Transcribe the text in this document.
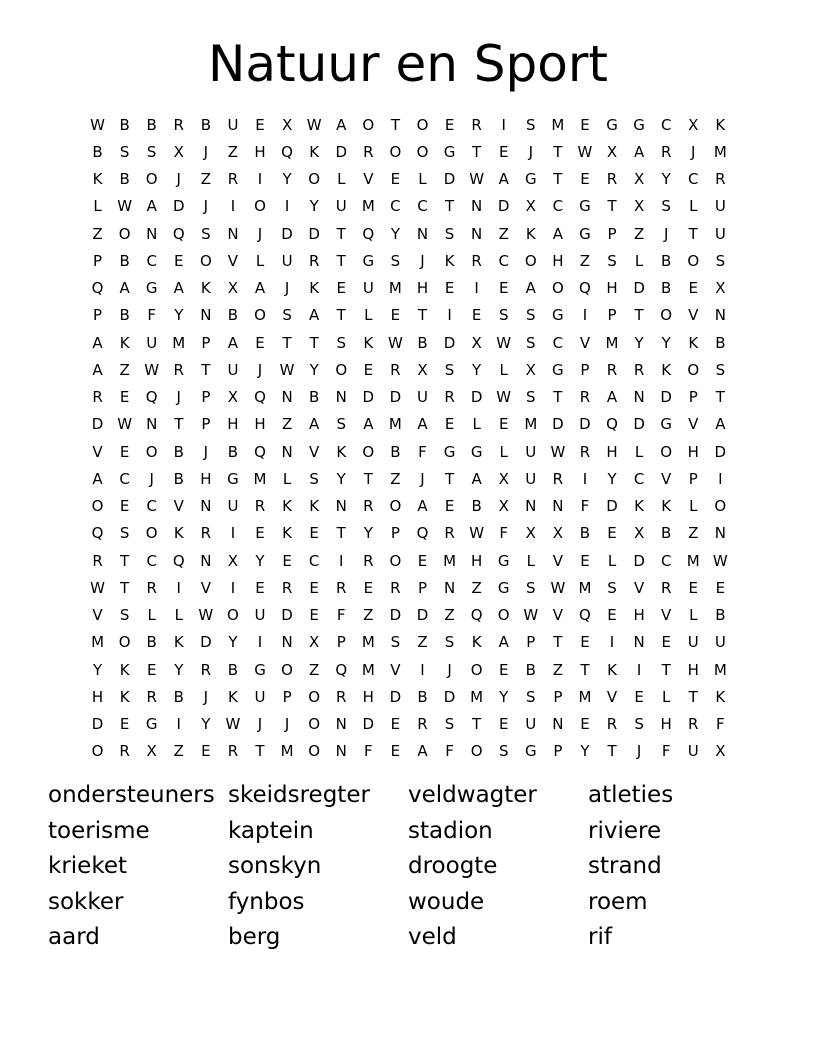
Natuur en Sport
W B	B	R	B	U	E	X W A	O	T	O	E	R	I	S	M	E	G	G	C	X	K
B	S	S	X	J	Z	H	Q	K	D	R	O	O	G	T	E	J	T	W X	A	R	J	M
K	B	O	J	Z	R	I	Y	O	L	V	E	L	D W A	G	T	E	R	X	Y	C	R
L	W A	D	J	I	O	I	Y	U	M	C	C	T	N	D	X	C	G	T	X	S	L	U
Z	O	N	Q	S	N	J	D	D	T	Q	Y	N	S	N	Z	K	A	G	P	Z	J	T	U
P	B	C	E	O	V	L	U	R	T	G	S	J	K	R	C	O	H	Z	S	L	B	O	S
Q	A	G	A	K	X	A	J	K	E	U	M H	E	I	E	A	O	Q	H	D	B	E	X
P	B	F	Y	N	B	O	S	A	T	L	E	T	I	E	S	S	G	I	P	T	O	V	N
A	K	U	M	P	A	E	T	T	S	K W B	D	X W S	C	V	M	Y	Y	K	B
A	Z W R	T	U	J	W	Y	O	E	R	X	S	Y	L	X	G	P	R	R	K	O	S
R	E	Q	J	P	X	Q	N	B	N	D	D	U	R	D W S	T	R	A	N	D	P	T
D W N	T	P	H	H	Z	A	S	A	M	A	E	L	E	M D	D	Q	D	G	V	A
V	E	O	B	J	B	Q	N	V	K	O	B	F	G	G	L	U W R	H	L	O	H	D
A	C	J	B	H	G M	L	S	Y	T	Z	J	T	A	X	U	R	I	Y	C	V	P	I
O	E	C	V	N	U	R	K	K	N	R	O	A	E	B	X	N	N	F	D	K	K	L	O
Q	S	O	K	R	I	E	K	E	T	Y	P	Q	R W	F	X	X	B	E	X	B	Z	N
R	T	C	Q	N	X	Y	E	C	I	R	O	E	M H	G	L	V	E	L	D	C	M W
W	T	R	I	V	I	E	R	E	R	E	R	P	N	Z	G	S W M	S	V	R	E	E
V	S	L	L	W O	U	D	E	F	Z	D	D	Z	Q	O W V	Q	E	H	V	L	B
M O	B	K	D	Y	I	N	X	P	M	S	Z	S	K	A	P	T	E	I	N	E	U	U
Y	K	E	Y	R	B	G	O	Z	Q M	V	I	J	O	E	B	Z	T	K	I	T	H M
H	K	R	B	J	K	U	P	O	R	H	D	B	D M	Y	S	P	M	V	E	L	T	K
D	E	G	I	Y	W	J	J	O	N	D	E	R	S	T	E	U	N	E	R	S	H	R	F
O	R	X	Z	E	R	T	M O	N	F	E	A	F	O	S	G	P	Y	T	J	F	U	X
ondersteuners skeidsregter	veldwagter	atleties
toerisme	kaptein	stadion	riviere
krieket	sonskyn	droogte	strand
sokker	fynbos	woude	roem
aard	berg	veld	rif
